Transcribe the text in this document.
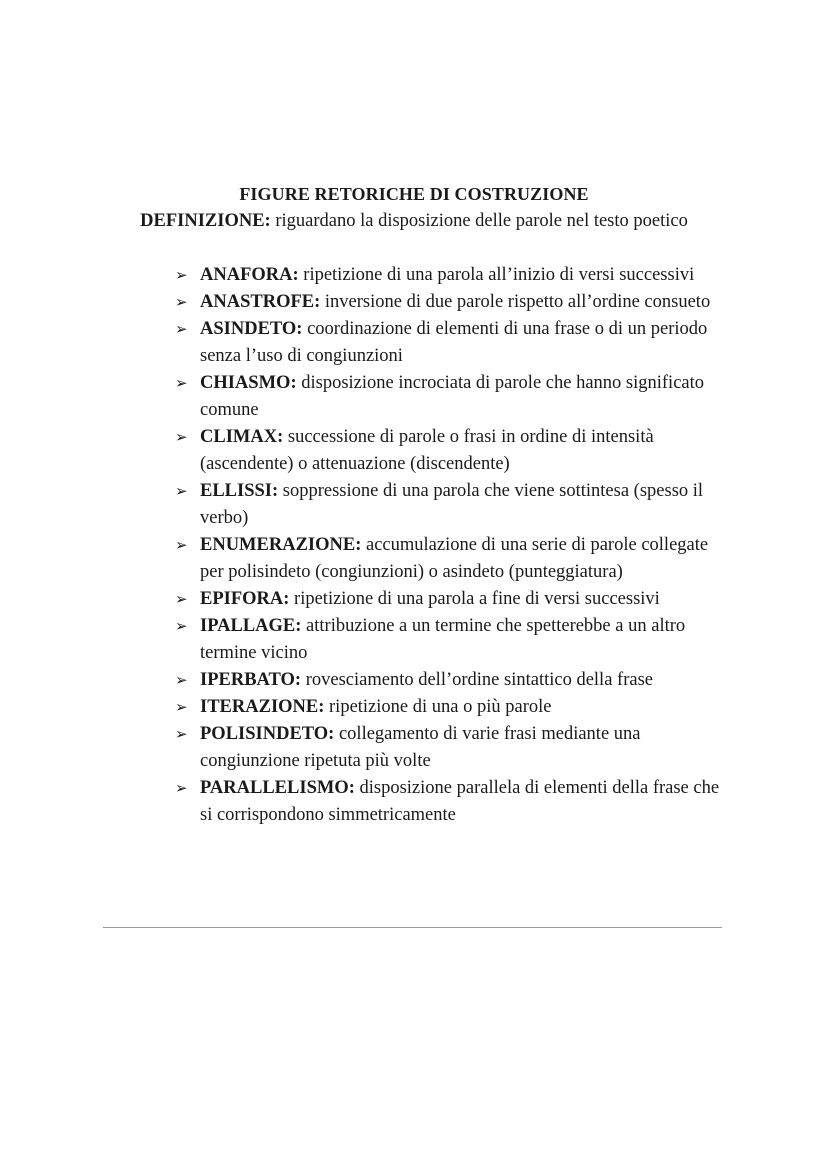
FIGURE RETORICHE DI COSTRUZIONE

DEFINIZIONE: riguardano la disposizione delle parole nel testo poetico

➢ ANAFORA: ripetizione di una parola all’inizio di versi successivi
➢ ANASTROFE: inversione di due parole rispetto all’ordine consueto
➢ ASINDETO: coordinazione di elementi di una frase o di un periodo senza l’uso di congiunzioni
➢ CHIASMO: disposizione incrociata di parole che hanno significato comune
➢ CLIMAX: successione di parole o frasi in ordine di intensità (ascendente) o attenuazione (discendente)
➢ ELLISSI: soppressione di una parola che viene sottintesa (spesso il verbo)
➢ ENUMERAZIONE: accumulazione di una serie di parole collegate per polisindeto (congiunzioni) o asindeto (punteggiatura)
➢ EPIFORA: ripetizione di una parola a fine di versi successivi
➢ IPALLAGE: attribuzione a un termine che spetterebbe a un altro termine vicino
➢ IPERBATO: rovesciamento dell’ordine sintattico della frase
➢ ITERAZIONE: ripetizione di una o più parole
➢ POLISINDETO: collegamento di varie frasi mediante una congiunzione ripetuta più volte
➢ PARALLELISMO: disposizione parallela di elementi della frase che si corrispondono simmetricamente
